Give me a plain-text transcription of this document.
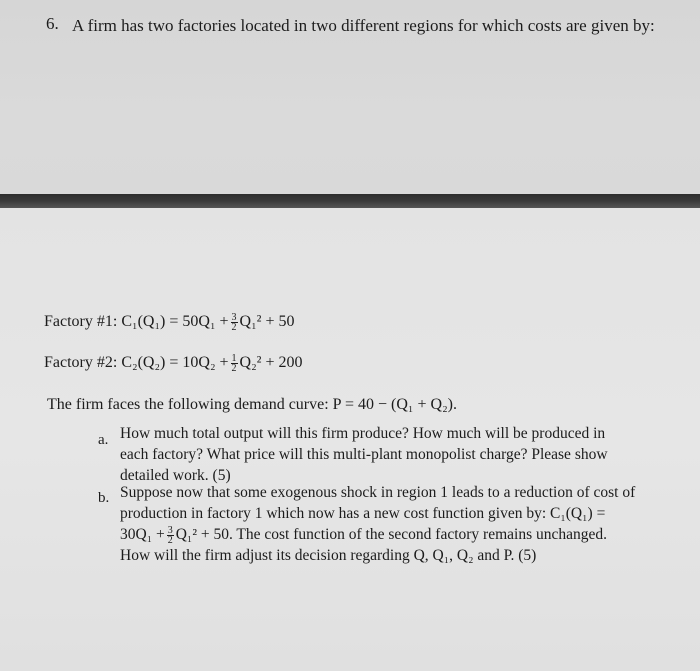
6. A firm has two factories located in two different regions for which costs are given by:
Factory #1: $C_1(Q_1) = 50Q_1 + \frac{3}{2} Q_1^2 + 50$
Factory #2: $C_2(Q_2) = 10Q_2 + \frac{1}{2} Q_2^2 + 200$
The firm faces the following demand curve: P = 40 − (Q₁ + Q₂).
a. How much total output will this firm produce? How much will be produced in each factory? What price will this multi-plant monopolist charge? Please show detailed work. (5)
b. Suppose now that some exogenous shock in region 1 leads to a reduction of cost of production in factory 1 which now has a new cost function given by: C₁(Q₁) =
$30Q_1 + \frac{3}{2} Q_1^2 + 50$. The cost function of the second factory remains unchanged.
How will the firm adjust its decision regarding Q, Q₁, Q₂ and P. (5)
